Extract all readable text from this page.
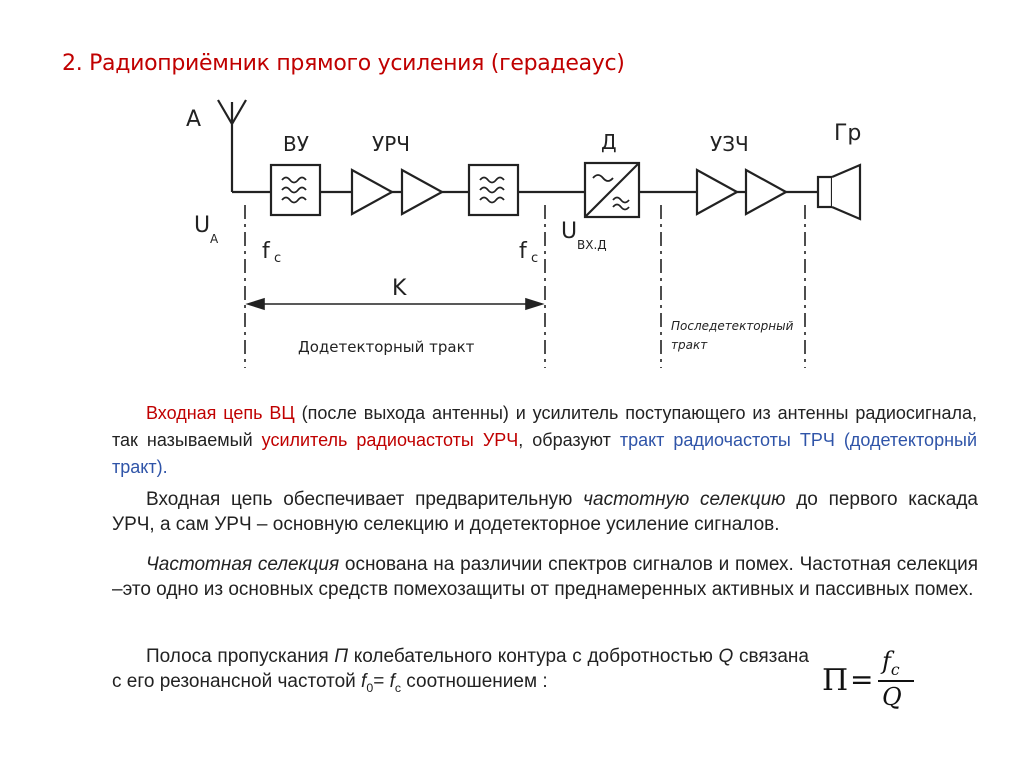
2. Радиоприёмник прямого усиления (герадеаус)
А
ВУ	УРЧ	Д	УЗЧ	Гр
U
А f c	f c
U
ВХ.Д
K
Додетекторный тракт
Последетекторный
тракт
Входная цепь ВЦ (после выхода антенны) и усилитель поступающего из антенны радиосигнала, так называемый усилитель радиочастоты УРЧ, образуют тракт радиочастоты ТРЧ (додетекторный тракт).
Входная цепь обеспечивает предварительную частотную селекцию до первого каскада УРЧ, а сам УРЧ – основную селекцию и додетекторное усиление сигналов.
Частотная селекция основана на различии спектров сигналов и помех. Частотная селекция –это одно из основных средств помехозащиты от преднамеренных активных и пассивных помех.
Полоса пропускания П колебательного контура с добротностью Q связана с его резонансной частотой $f_0= f_c$ соотношением :	П =
$f_c$
Q
